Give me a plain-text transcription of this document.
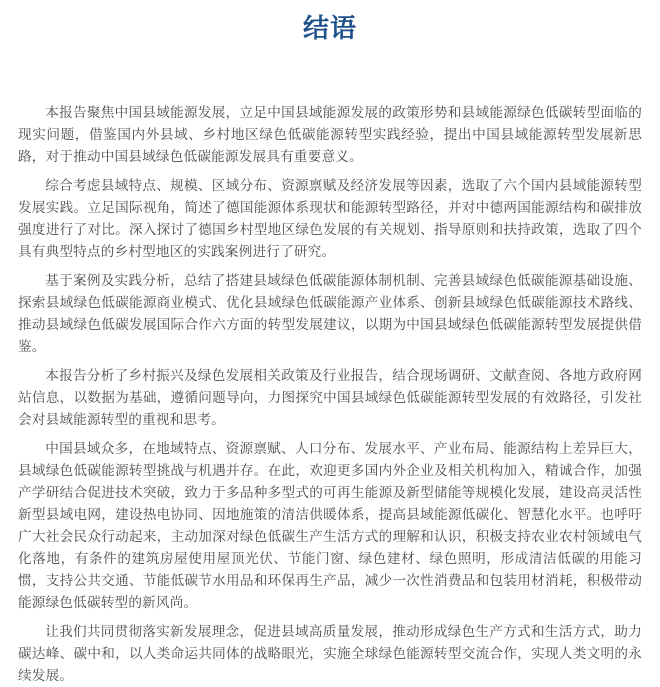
结语

本报告聚焦中国县域能源发展，立足中国县域能源发展的政策形势和县域能源绿色低碳转型面临的现实问题，借鉴国内外县域、乡村地区绿色低碳能源转型实践经验，提出中国县域能源转型发展新思路，对于推动中国县域绿色低碳能源发展具有重要意义。

综合考虑县域特点、规模、区域分布、资源禀赋及经济发展等因素，选取了六个国内县域能源转型发展实践。立足国际视角，简述了德国能源体系现状和能源转型路径，并对中德两国能源结构和碳排放强度进行了对比。深入探讨了德国乡村型地区绿色发展的有关规划、指导原则和扶持政策，选取了四个具有典型特点的乡村型地区的实践案例进行了研究。

基于案例及实践分析，总结了搭建县域绿色低碳能源体制机制、完善县域绿色低碳能源基础设施、探索县域绿色低碳能源商业模式、优化县域绿色低碳能源产业体系、创新县域绿色低碳能源技术路线、推动县域绿色低碳发展国际合作六方面的转型发展建议，以期为中国县域绿色低碳能源转型发展提供借鉴。

本报告分析了乡村振兴及绿色发展相关政策及行业报告，结合现场调研、文献查阅、各地方政府网站信息，以数据为基础，遵循问题导向，力图探究中国县域绿色低碳能源转型发展的有效路径，引发社会对县域能源转型的重视和思考。

中国县域众多，在地域特点、资源禀赋、人口分布、发展水平、产业布局、能源结构上差异巨大，县域绿色低碳能源转型挑战与机遇并存。在此，欢迎更多国内外企业及相关机构加入，精诚合作，加强产学研结合促进技术突破，致力于多品种多型式的可再生能源及新型储能等规模化发展，建设高灵活性新型县域电网，建设热电协同、因地施策的清洁供暖体系，提高县域能源低碳化、智慧化水平。也呼吁广大社会民众行动起来，主动加深对绿色低碳生产生活方式的理解和认识，积极支持农业农村领域电气化落地，有条件的建筑房屋使用屋顶光伏、节能门窗、绿色建材、绿色照明，形成清洁低碳的用能习惯，支持公共交通、节能低碳节水用品和环保再生产品，减少一次性消费品和包装用材消耗，积极带动能源绿色低碳转型的新风尚。

让我们共同贯彻落实新发展理念，促进县域高质量发展，推动形成绿色生产方式和生活方式，助力碳达峰、碳中和，以人类命运共同体的战略眼光，实施全球绿色能源转型交流合作，实现人类文明的永续发展。
